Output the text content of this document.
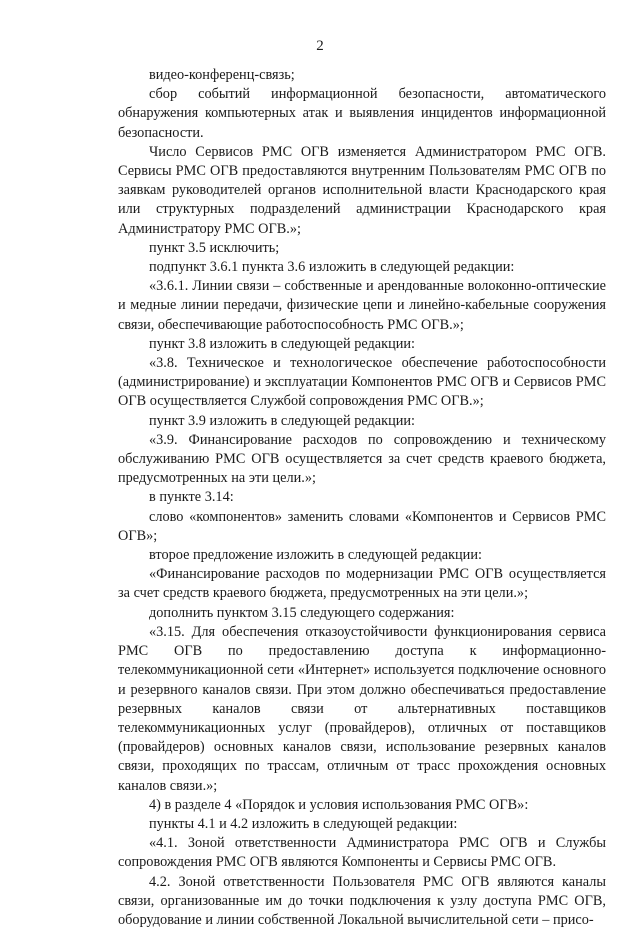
2

видео-конференц-связь;

сбор событий информационной безопасности, автоматического обнаружения компьютерных атак и выявления инцидентов информационной безопасности.

Число Сервисов РМС ОГВ изменяется Администратором РМС ОГВ. Сервисы РМС ОГВ предоставляются внутренним Пользователям РМС ОГВ по заявкам руководителей органов исполнительной власти Краснодарского края или структурных подразделений администрации Краснодарского края Администратору РМС ОГВ.»;

пункт 3.5 исключить;

подпункт 3.6.1 пункта 3.6 изложить в следующей редакции:

«3.6.1. Линии связи – собственные и арендованные волоконно-оптические и медные линии передачи, физические цепи и линейно-кабельные сооружения связи, обеспечивающие работоспособность РМС ОГВ.»;

пункт 3.8 изложить в следующей редакции:

«3.8. Техническое и технологическое обеспечение работоспособности (администрирование) и эксплуатации Компонентов РМС ОГВ и Сервисов РМС ОГВ осуществляется Службой сопровождения РМС ОГВ.»;

пункт 3.9 изложить в следующей редакции:

«3.9. Финансирование расходов по сопровождению и техническому обслуживанию РМС ОГВ осуществляется за счет средств краевого бюджета, предусмотренных на эти цели.»;

в пункте 3.14:

слово «компонентов» заменить словами «Компонентов и Сервисов РМС ОГВ»;

второе предложение изложить в следующей редакции:

«Финансирование расходов по модернизации РМС ОГВ осуществляется за счет средств краевого бюджета, предусмотренных на эти цели.»;

дополнить пунктом 3.15 следующего содержания:

«3.15. Для обеспечения отказоустойчивости функционирования сервиса РМС ОГВ по предоставлению доступа к информационно-телекоммуникационной сети «Интернет» используется подключение основного и резервного каналов связи. При этом должно обеспечиваться предоставление резервных каналов связи от альтернативных поставщиков телекоммуникационных услуг (провайдеров), отличных от поставщиков (провайдеров) основных каналов связи, использование резервных каналов связи, проходящих по трассам, отличным от трасс прохождения основных каналов связи.»;

4) в разделе 4 «Порядок и условия использования РМС ОГВ»:

пункты 4.1 и 4.2 изложить в следующей редакции:

«4.1. Зоной ответственности Администратора РМС ОГВ и Службы сопровождения РМС ОГВ являются Компоненты и Сервисы РМС ОГВ.

4.2. Зоной ответственности Пользователя РМС ОГВ являются каналы связи, организованные им до точки подключения к узлу доступа РМС ОГВ, оборудование и линии собственной Локальной вычислительной сети – присо-
